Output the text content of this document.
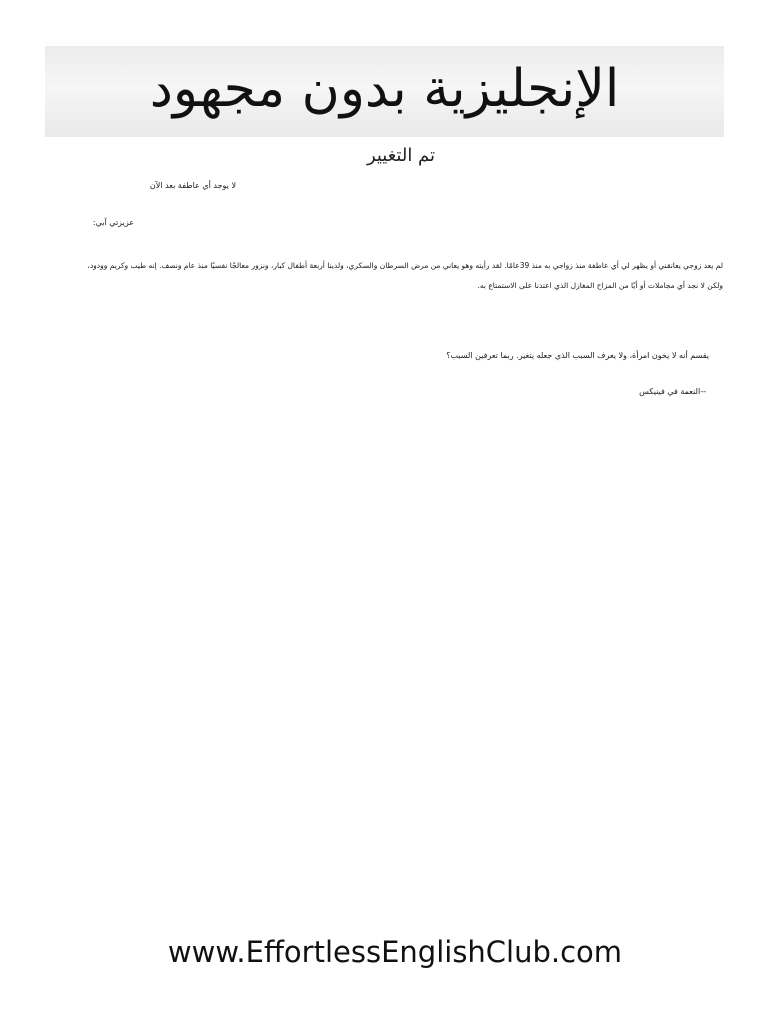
الإنجليزية بدون مجهود
تم التغيير
لا يوجد أي عاطفة بعد الآن
عزيزتي آبي:
لم يعد زوجي يعانقني أو يظهر لي أي عاطفة منذ زواجي به منذ 39عامًا. لقد رأيته وهو يعاني من مرض السرطان والسكري، ولدينا أربعة أطفال كبار، ونزور معالجًا نفسيًا منذ عام ونصف. إنه طيب وكريم وودود،
ولكن لا نجد أي مجاملات أو أيًا من المزاح المغازل الذي اعتدنا على الاستمتاع به.
يقسم أنه لا يخون امرأة، ولا يعرف السبب الذي جعله يتغير. ربما تعرفين السبب؟
--النعمة في فينيكس
www.EffortlessEnglishClub.com
